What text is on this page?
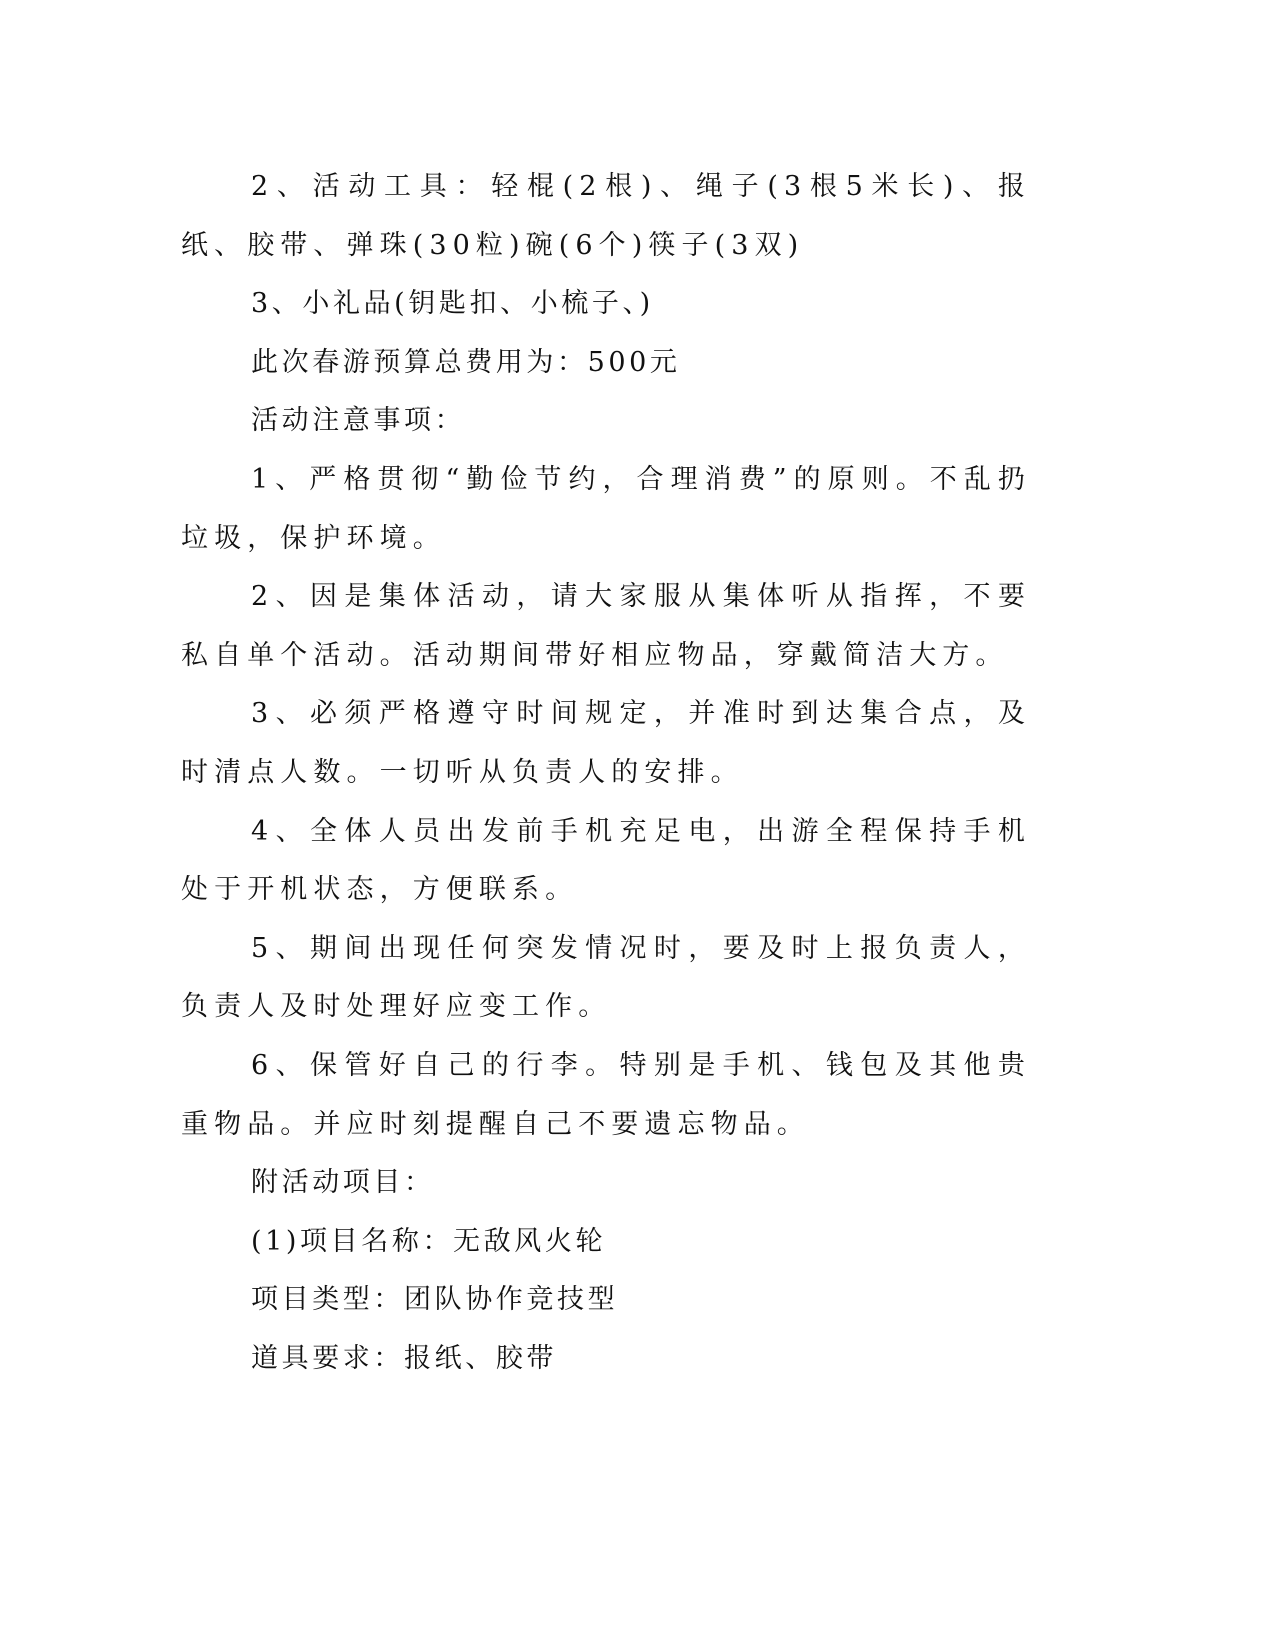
2、活动工具：轻棍(2根)、绳子(3根5米长)、报纸、胶带、弹珠(30粒)碗(6个)筷子(3双)

3、小礼品(钥匙扣、小梳子、)

此次春游预算总费用为：500元

活动注意事项：

1、严格贯彻“勤俭节约，合理消费”的原则。不乱扔垃圾，保护环境。

2、因是集体活动，请大家服从集体听从指挥，不要私自单个活动。活动期间带好相应物品，穿戴简洁大方。

3、必须严格遵守时间规定，并准时到达集合点，及时清点人数。一切听从负责人的安排。

4、全体人员出发前手机充足电，出游全程保持手机处于开机状态，方便联系。

5、期间出现任何突发情况时，要及时上报负责人，负责人及时处理好应变工作。

6、保管好自己的行李。特别是手机、钱包及其他贵重物品。并应时刻提醒自己不要遗忘物品。

附活动项目：

(1)项目名称：无敌风火轮

项目类型：团队协作竞技型

道具要求：报纸、胶带
